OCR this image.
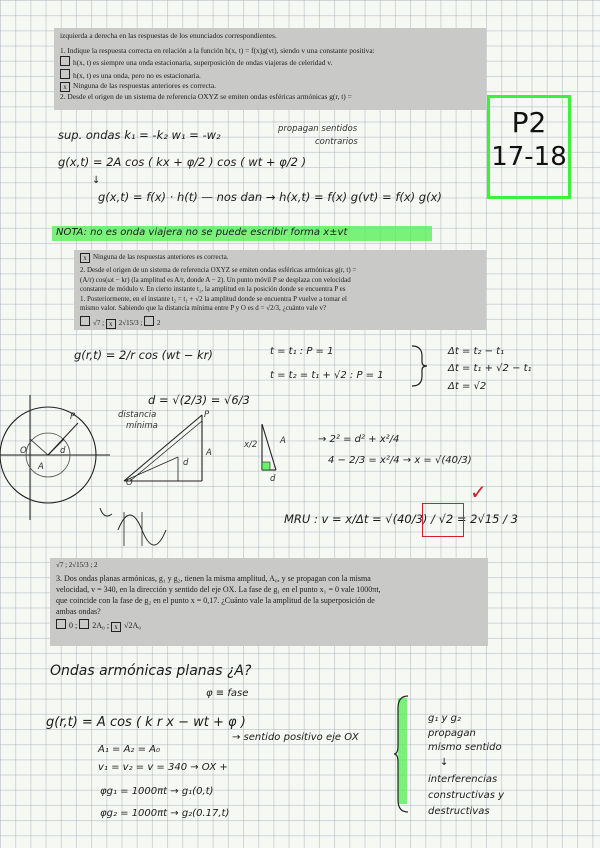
izquierda a derecha en las respuestas de los enunciados correspondientes.

1. Indique la respuesta correcta en relación a la función h(x, t) = f(x)g(vt), siendo v una constante positiva:

h(x, t) es siempre una onda estacionaria, superposición de ondas viajeras de celeridad v.

h(x, t) es una onda, pero no es estacionaria.

x Ninguna de las respuestas anteriores es correcta.

2. Desde el origen de un sistema de referencia OXYZ se emiten ondas esféricas armónicas g(r, t) =

P2
17-18
sup. ondas k₁ = -k₂ w₁ = -w₂	propagan sentidos
contrarios
g(x,t) = 2A cos ( kx + φ/2 ) cos ( wt + φ/2 )
↓
g(x,t) = f(x) · h(t) — nos dan → h(x,t) = f(x) g(vt) = f(x) g(x)
NOTA: no es onda viajera no se puede escribir forma x±vt

x Ninguna de las respuestas anteriores es correcta.

2. Desde el origen de un sistema de referencia OXYZ se emiten ondas esféricas armónicas g(r, t) =

(A/r) cos(ωt − kr) (la amplitud es A/r, donde A − 2). Un punto móvil P se desplaza con velocidad

constante de módulo v. En cierto instante t₁, la amplitud en la posición donde se encuentra P es

1. Posteriormente, en el instante t₂ = t₁ + √2 la amplitud donde se encuentra P vuelve a tomar el

mismo valor. Sabiendo que la distancia mínima entre P y O es d = √2/3, ¿cuánto vale v?

√7 ; x 2√15/3 ; 2

g(r,t) = 2/r cos (wt − kr)	t = t₁ : P = 1
t = t₂ = t₁ + √2 : P = 1
Δt = t₂ − t₁
Δt = t₁ + √2 − t₁
Δt = √2
d = √(2/3) = √6/3
distancia
mínima
O
P
d
A
P
A
d
O
x/2	A
d
→ 2² = d² + x²/4
4 − 2/3 = x²/4 → x = √(40/3)
MRU : v = x/Δt = √(40/3) / √2 = 2√15 / 3
✓

√7 ; 2√15/3 ; 2

3. Dos ondas planas armónicas, g₁ y g₂, tienen la misma amplitud, A₀, y se propagan con la misma

velocidad, v = 340, en la dirección y sentido del eje OX. La fase de g₁ en el punto x₁ = 0 vale 1000πt,

que coincide con la fase de g₂ en el punto x = 0,17. ¿Cuánto vale la amplitud de la superposición de

ambas ondas?

0 ; 2A₀ ; x √2A₀

Ondas armónicas planas ¿A?
φ ≡ fase
g(r,t) = A cos ( k r x − wt + φ )
→ sentido positivo eje OX
A₁ = A₂ = A₀
v₁ = v₂ = v = 340 → OX +
φg₁ = 1000πt → g₁(0,t)
φg₂ = 1000πt → g₂(0.17,t)
g₁ y g₂
propagan
mismo sentido
↓
interferencias
constructivas y
destructivas
